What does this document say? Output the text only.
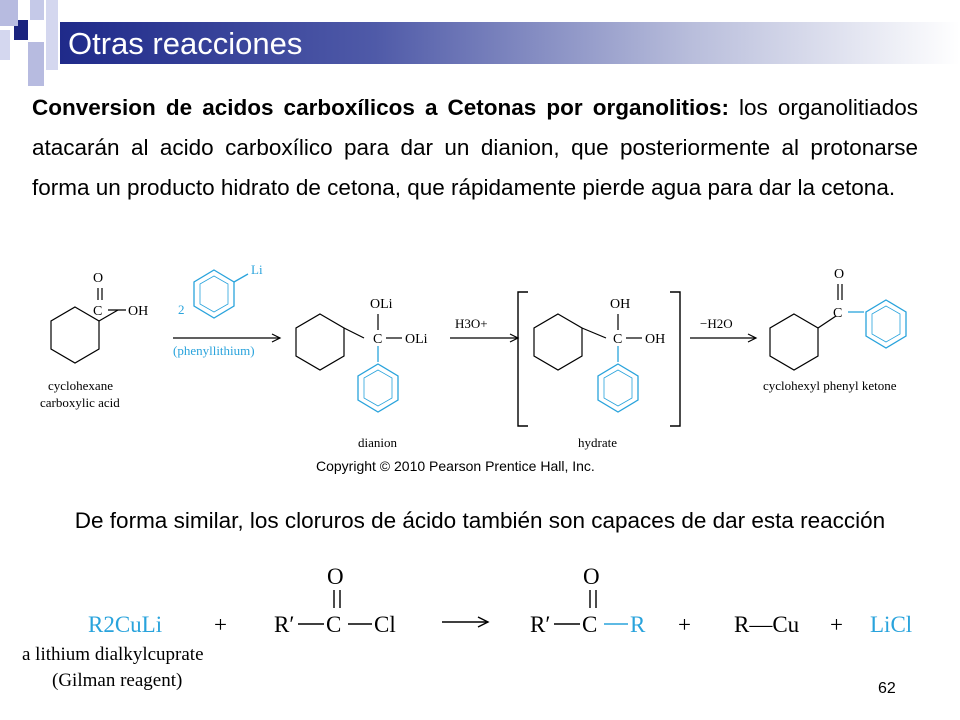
Otras reacciones
Conversion de acidos carboxílicos a Cetonas por organolitios: los organolitiados atacarán al acido carboxílico para dar un dianion, que posteriormente al protonarse forma un producto hidrato de cetona, que rápidamente pierde agua para dar la cetona.
O
C OH
cyclohexane
carboxylic acid
Li
2
(phenyllithium)
OLi
C OLi
dianion
H3O+
OH
C OH
hydrate
−H2O
O
C
cyclohexyl phenyl ketone
Copyright © 2010 Pearson Prentice Hall, Inc.
De forma similar, los cloruros de ácido también son capaces de dar esta reacción
R2CuLi
a lithium dialkylcuprate
(Gilman reagent)
+ R′ C
O
Cl	R′ C
O
R + R—Cu + LiCl
62
